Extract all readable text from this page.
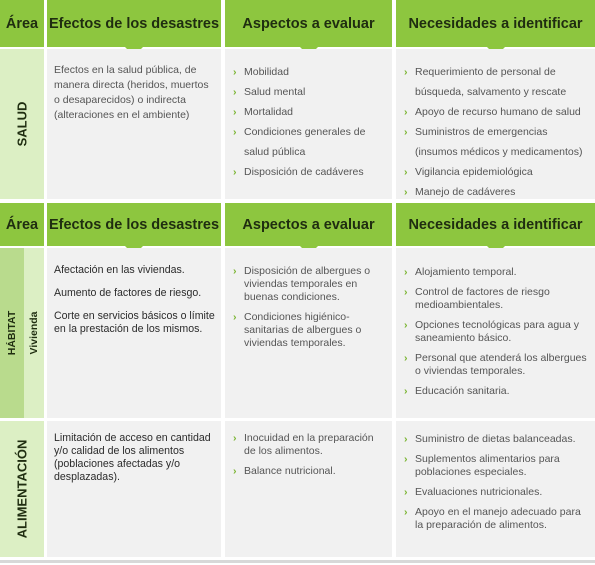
Área Efectos de los desastres Aspectos a evaluar Necesidades a identificar
SALUD
Efectos en la salud pública, de manera directa (heridos, muertos o desaparecidos) o indirecta (alteraciones en el ambiente)
› Mobilidad
› Salud mental
› Mortalidad
› Condiciones generales de salud pública
› Disposición de cadáveres
› Requerimiento de personal de búsqueda, salvamento y rescate
› Apoyo de recurso humano de salud
› Suministros de emergencias (insumos médicos y medicamentos)
› Vigilancia epidemiológica
› Manejo de cadáveres
Área Efectos de los desastres Aspectos a evaluar Necesidades a identificar
HÁBITAT Vivienda

Afectación en las viviendas.

Aumento de factores de riesgo.

Corte en servicios básicos o límite en la prestación de los mismos.

› Disposición de albergues o viviendas temporales en buenas condiciones.
› Condiciones higiénico-sanitarias de albergues o viviendas temporales.
› Alojamiento temporal.
› Control de factores de riesgo medioambientales.
› Opciones tecnológicas para agua y saneamiento básico.
› Personal que atenderá los albergues o viviendas temporales.
› Educación sanitaria.
ALIMENTACIÓN
Limitación de acceso en cantidad y/o calidad de los alimentos (poblaciones afectadas y/o desplazadas).
› Inocuidad en la preparación de los alimentos.
› Balance nutricional.
› Suministro de dietas balanceadas.
› Suplementos alimentarios para poblaciones especiales.
› Evaluaciones nutricionales.
› Apoyo en el manejo adecuado para la preparación de alimentos.
